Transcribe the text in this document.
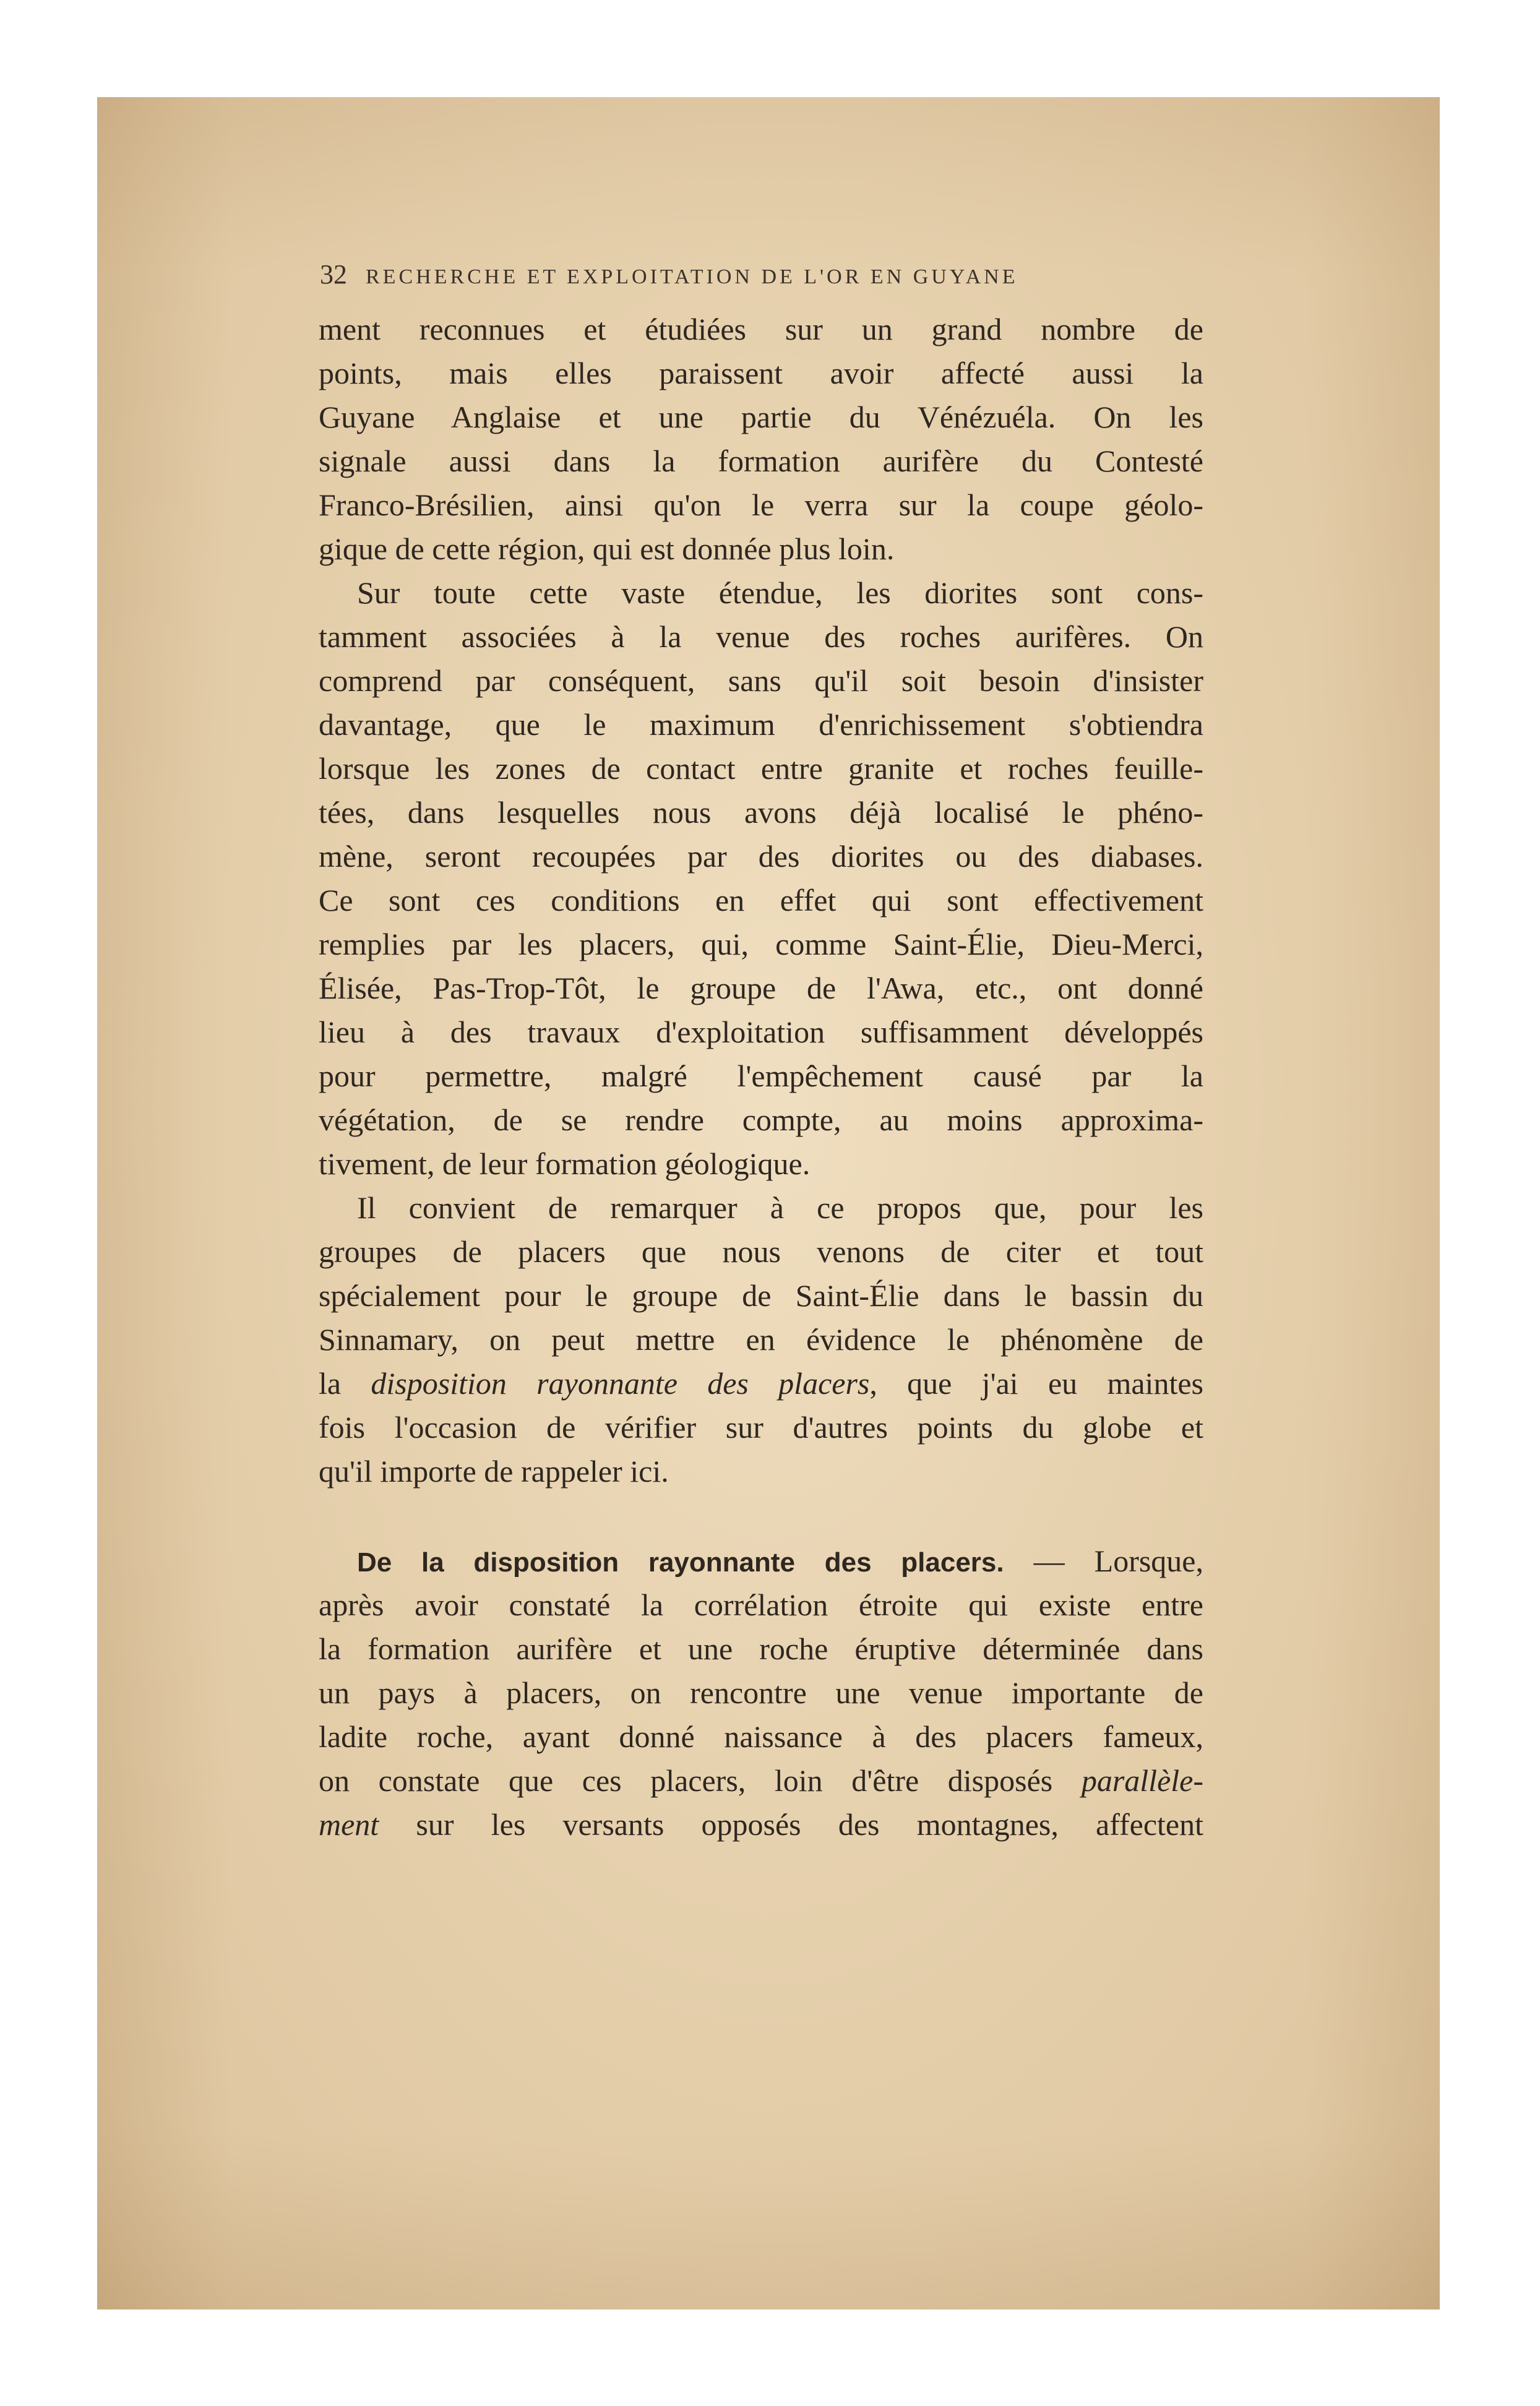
32 RECHERCHE ET EXPLOITATION DE L'OR EN GUYANE
ment reconnues et étudiées sur un grand nombre de
points, mais elles paraissent avoir affecté aussi la
Guyane Anglaise et une partie du Vénézuéla. On les
signale aussi dans la formation aurifère du Contesté
Franco-Brésilien, ainsi qu'on le verra sur la coupe géolo-
gique de cette région, qui est donnée plus loin.
Sur toute cette vaste étendue, les diorites sont cons-
tamment associées à la venue des roches aurifères. On
comprend par conséquent, sans qu'il soit besoin d'insister
davantage, que le maximum d'enrichissement s'obtiendra
lorsque les zones de contact entre granite et roches feuille-
tées, dans lesquelles nous avons déjà localisé le phéno-
mène, seront recoupées par des diorites ou des diabases.
Ce sont ces conditions en effet qui sont effectivement
remplies par les placers, qui, comme Saint-Élie, Dieu-Merci,
Élisée, Pas-Trop-Tôt, le groupe de l'Awa, etc., ont donné
lieu à des travaux d'exploitation suffisamment développés
pour permettre, malgré l'empêchement causé par la
végétation, de se rendre compte, au moins approxima-
tivement, de leur formation géologique.
Il convient de remarquer à ce propos que, pour les
groupes de placers que nous venons de citer et tout
spécialement pour le groupe de Saint-Élie dans le bassin du
Sinnamary, on peut mettre en évidence le phénomène de
la disposition rayonnante des placers, que j'ai eu maintes
fois l'occasion de vérifier sur d'autres points du globe et
qu'il importe de rappeler ici.
De la disposition rayonnante des placers. — Lorsque,
après avoir constaté la corrélation étroite qui existe entre
la formation aurifère et une roche éruptive déterminée dans
un pays à placers, on rencontre une venue importante de
ladite roche, ayant donné naissance à des placers fameux,
on constate que ces placers, loin d'être disposés parallèle-
ment sur les versants opposés des montagnes, affectent
